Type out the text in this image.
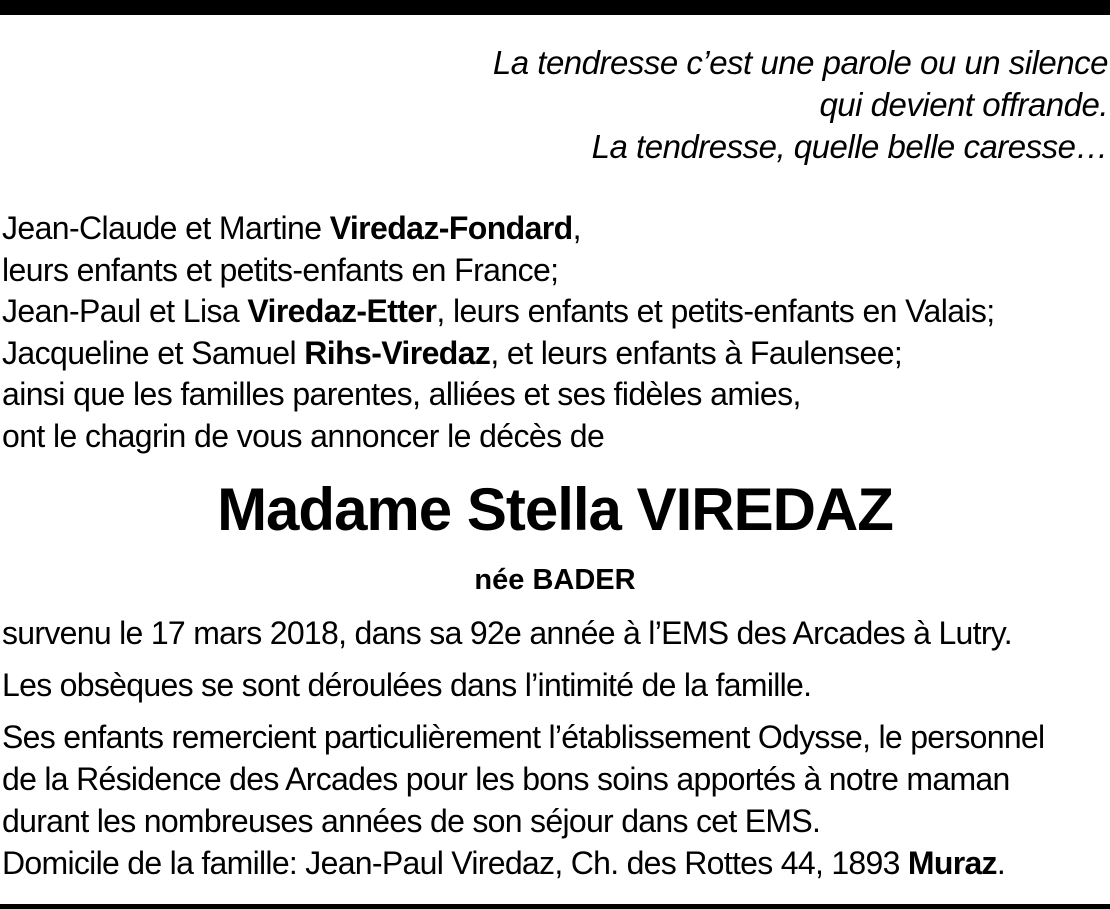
La tendresse c’est une parole ou un silence
qui devient offrande.
La tendresse, quelle belle caresse…
Jean-Claude et Martine Viredaz-Fondard,
leurs enfants et petits-enfants en France;
Jean-Paul et Lisa Viredaz-Etter, leurs enfants et petits-enfants en Valais;
Jacqueline et Samuel Rihs-Viredaz, et leurs enfants à Faulensee;
ainsi que les familles parentes, alliées et ses fidèles amies,
ont le chagrin de vous annoncer le décès de
Madame Stella VIREDAZ
née BADER
survenu le 17 mars 2018, dans sa 92e année à l’EMS des Arcades à Lutry.
Les obsèques se sont déroulées dans l’intimité de la famille.
Ses enfants remercient particulièrement l’établissement Odysse, le personnel
de la Résidence des Arcades pour les bons soins apportés à notre maman
durant les nombreuses années de son séjour dans cet EMS.
Domicile de la famille: Jean-Paul Viredaz, Ch. des Rottes 44, 1893 Muraz.
